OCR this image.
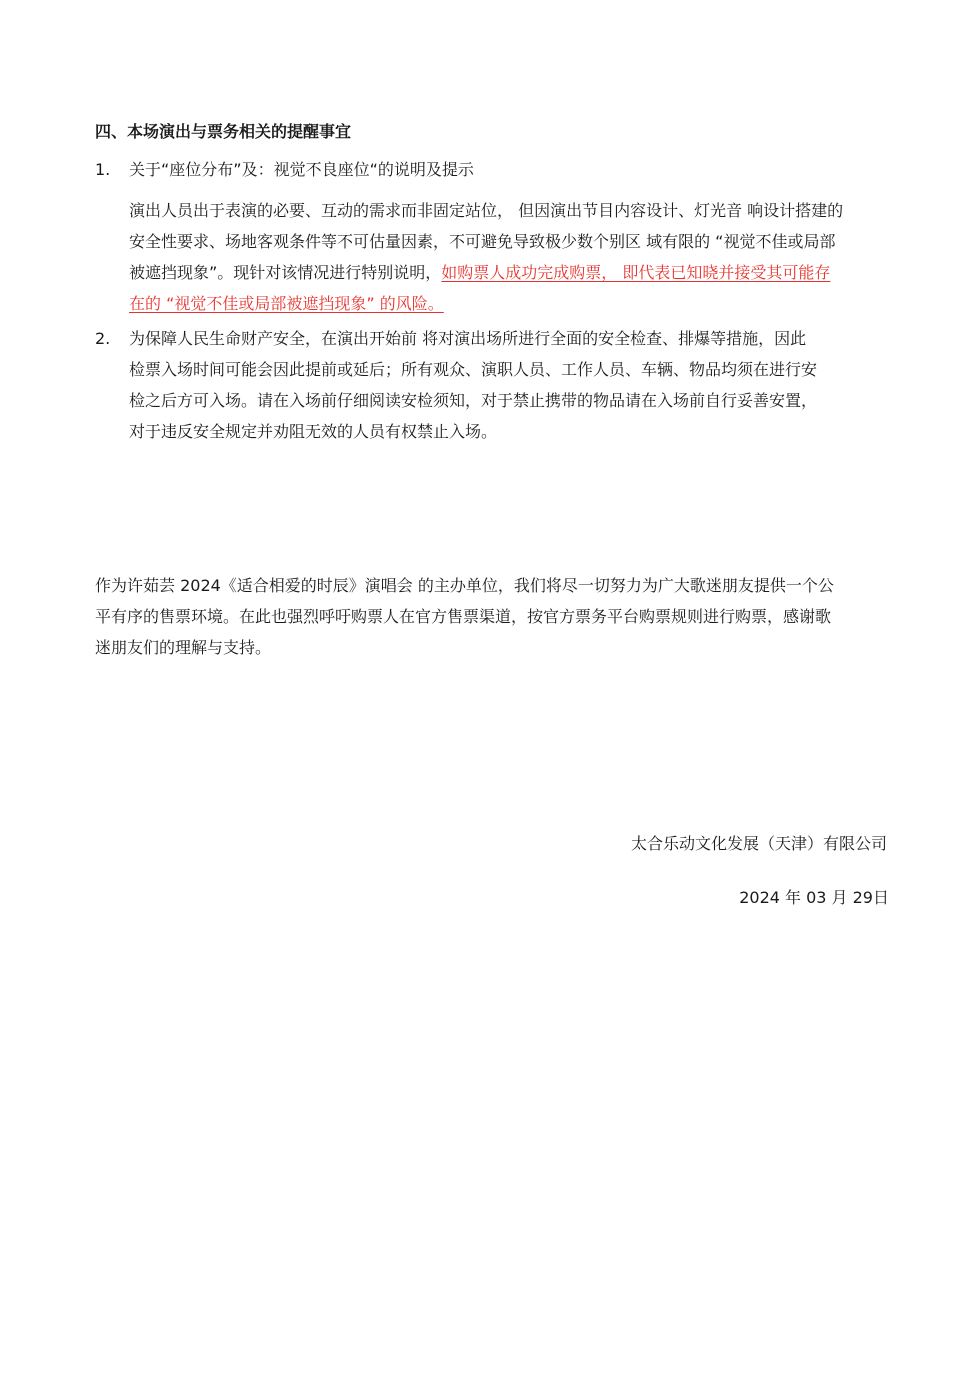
四、本场演出与票务相关的提醒事宜
1. 关于“座位分布”及：视觉不良座位“的说明及提示
演出人员出于表演的必要、互动的需求而非固定站位， 但因演出节目内容设计、灯光音 响设计搭建的
安全性要求、场地客观条件等不可估量因素，不可避免导致极少数个别区 域有限的 “视觉不佳或局部
被遮挡现象”。现针对该情况进行特别说明，如购票人成功完成购票， 即代表已知晓并接受其可能存
在的 “视觉不佳或局部被遮挡现象” 的风险。
2. 为保障人民生命财产安全，在演出开始前 将对演出场所进行全面的安全检查、排爆等措施，因此
检票入场时间可能会因此提前或延后；所有观众、演职人员、工作人员、车辆、物品均须在进行安
检之后方可入场。请在入场前仔细阅读安检须知，对于禁止携带的物品请在入场前自行妥善安置，
对于违反安全规定并劝阻无效的人员有权禁止入场。
作为许茹芸 2024《适合相爱的时辰》演唱会 的主办单位，我们将尽一切努力为广大歌迷朋友提供一个公
平有序的售票环境。在此也强烈呼吁购票人在官方售票渠道，按官方票务平台购票规则进行购票，感谢歌
迷朋友们的理解与支持。
太合乐动文化发展（天津）有限公司
2024 年 03 月 29日
